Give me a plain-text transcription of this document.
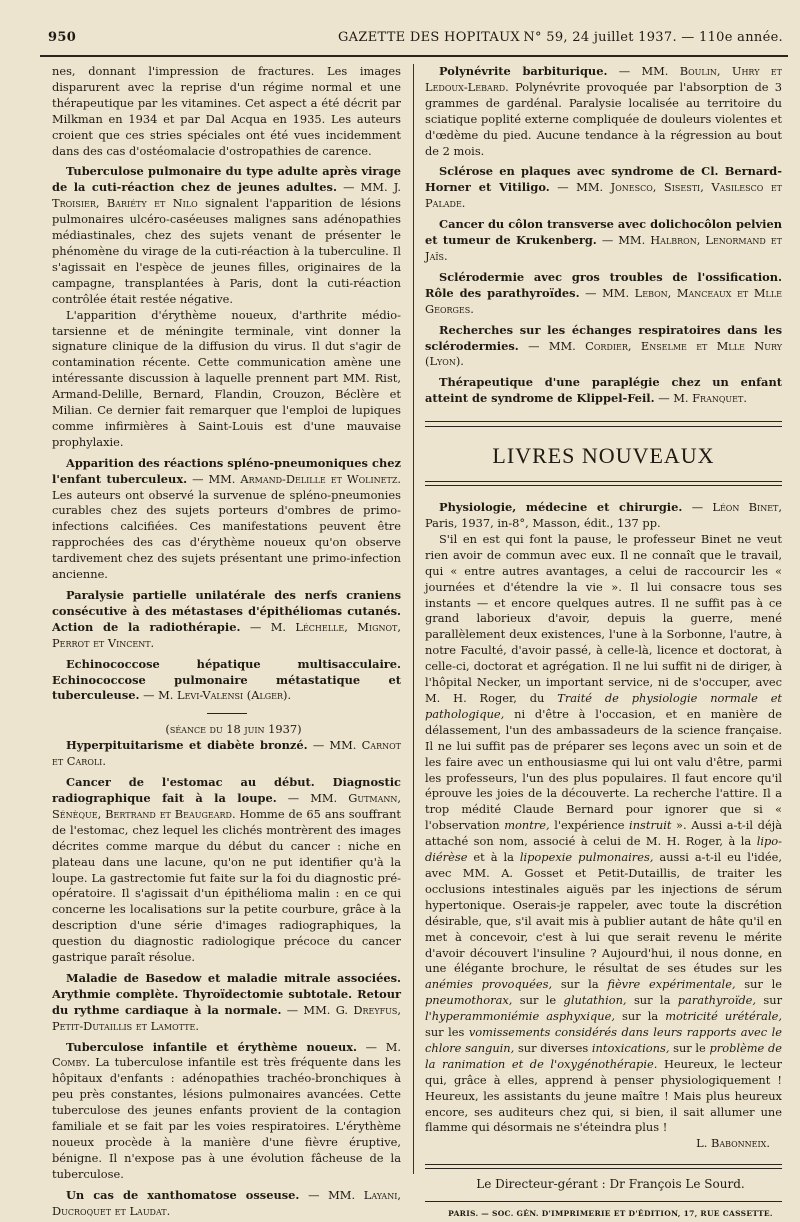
950	GAZETTE DES HOPITAUX N° 59, 24 juillet 1937. — 110e année.

nes, donnant l'impression de fractures. Les images disparurent avec la reprise d'un régime normal et une thérapeutique par les vitamines. Cet aspect a été décrit par Milkman en 1934 et par Dal Acqua en 1935. Les auteurs croient que ces stries spéciales ont été vues incidemment dans des cas d'ostéomalacie d'ostropathies de carence.

Tuberculose pulmonaire du type adulte après virage de la cuti-réaction chez de jeunes adultes. — MM. J. Troisier, Bariéty et Nilo signalent l'apparition de lésions pulmonaires ulcéro-caséeuses malignes sans adénopathies médiastinales, chez des sujets venant de présenter le phénomène du virage de la cuti-réaction à la tuberculine. Il s'agissait en l'espèce de jeunes filles, originaires de la campagne, transplantées à Paris, dont la cuti-réaction contrôlée était restée négative.

L'apparition d'érythème noueux, d'arthrite médio-tarsienne et de méningite terminale, vint donner la signature clinique de la diffusion du virus. Il dut s'agir de contamination récente. Cette communication amène une intéressante discussion à laquelle prennent part MM. Rist, Armand-Delille, Bernard, Flandin, Crouzon, Béclère et Milian. Ce dernier fait remarquer que l'emploi de lupiques comme infirmières à Saint-Louis est d'une mauvaise prophylaxie.

Apparition des réactions spléno-pneumoniques chez l'enfant tuberculeux. — MM. Armand-Delille et Wolinetz. Les auteurs ont observé la survenue de spléno-pneumonies curables chez des sujets porteurs d'ombres de primo-infections calcifiées. Ces manifestations peuvent être rapprochées des cas d'érythème noueux qu'on observe tardivement chez des sujets présentant une primo-infection ancienne.

Paralysie partielle unilatérale des nerfs craniens consécutive à des métastases d'épithéliomas cutanés. Action de la radiothérapie. — M. Léchelle, Mignot, Perrot et Vincent.

Echinococcose hépatique multisacculaire. Echinococcose pulmonaire métastatique et tuberculeuse. — M. Levi-Valensi (Alger).

(séance du 18 juin 1937)

Hyperpituitarisme et diabète bronzé. — MM. Carnot et Caroli.

Cancer de l'estomac au début. Diagnostic radiographique fait à la loupe. — MM. Gutmann, Sénèque, Bertrand et Beaugeard. Homme de 65 ans souffrant de l'estomac, chez lequel les clichés montrèrent des images décrites comme marque du début du cancer : niche en plateau dans une lacune, qu'on ne put identifier qu'à la loupe. La gastrectomie fut faite sur la foi du diagnostic pré-opératoire. Il s'agissait d'un épithélioma malin : en ce qui concerne les localisations sur la petite courbure, grâce à la description d'une série d'images radiographiques, la question du diagnostic radiologique précoce du cancer gastrique paraît résolue.

Maladie de Basedow et maladie mitrale associées. Arythmie complète. Thyroïdectomie subtotale. Retour du rythme cardiaque à la normale. — MM. G. Dreyfus, Petit-Dutaillis et Lamotte.

Tuberculose infantile et érythème noueux. — M. Comby. La tuberculose infantile est très fréquente dans les hôpitaux d'enfants : adénopathies trachéo-bronchiques à peu près constantes, lésions pulmonaires avancées. Cette tuberculose des jeunes enfants provient de la contagion familiale et se fait par les voies respiratoires. L'érythème noueux procède à la manière d'une fièvre éruptive, bénigne. Il n'expose pas à une évolution fâcheuse de la tuberculose.

Un cas de xanthomatose osseuse. — MM. Layani, Ducroquet et Laudat.

Polynévrite barbiturique. — MM. Boulin, Uhry et Ledoux-Lebard. Polynévrite provoquée par l'absorption de 3 grammes de gardénal. Paralysie localisée au territoire du sciatique poplité externe compliquée de douleurs violentes et d'œdème du pied. Aucune tendance à la régression au bout de 2 mois.

Sclérose en plaques avec syndrome de Cl. Bernard-Horner et Vitiligo. — MM. Jonesco, Sisesti, Vasilesco et Palade.

Cancer du côlon transverse avec dolichocôlon pelvien et tumeur de Krukenberg. — MM. Halbron, Lenormand et Jaïs.

Sclérodermie avec gros troubles de l'ossification. Rôle des parathyroïdes. — MM. Lebon, Manceaux et Mlle Georges.

Recherches sur les échanges respiratoires dans les sclérodermies. — MM. Cordier, Enselme et Mlle Nury (Lyon).

Thérapeutique d'une paraplégie chez un enfant atteint de syndrome de Klippel-Feil. — M. Franquet.

LIVRES NOUVEAUX

Physiologie, médecine et chirurgie. — Léon Binet, Paris, 1937, in-8°, Masson, édit., 137 pp.

S'il en est qui font la pause, le professeur Binet ne veut rien avoir de commun avec eux. Il ne connaît que le travail, qui « entre autres avantages, a celui de raccourcir les « journées et d'étendre la vie ». Il lui consacre tous ses instants — et encore quelques autres. Il ne suffit pas à ce grand laborieux d'avoir, depuis la guerre, mené parallèlement deux existences, l'une à la Sorbonne, l'autre, à notre Faculté, d'avoir passé, à celle-là, licence et doctorat, à celle-ci, doctorat et agrégation. Il ne lui suffit ni de diriger, à l'hôpital Necker, un important service, ni de s'occuper, avec M. H. Roger, du Traité de physiologie normale et pathologique, ni d'être à l'occasion, et en manière de délassement, l'un des ambassadeurs de la science française. Il ne lui suffit pas de préparer ses leçons avec un soin et de les faire avec un enthousiasme qui lui ont valu d'être, parmi les professeurs, l'un des plus populaires. Il faut encore qu'il éprouve les joies de la découverte. La recherche l'attire. Il a trop médité Claude Bernard pour ignorer que si « l'observation montre, l'expérience instruit ». Aussi a-t-il déjà attaché son nom, associé à celui de M. H. Roger, à la lipo-diérèse et à la lipopexie pulmonaires, aussi a-t-il eu l'idée, avec MM. A. Gosset et Petit-Dutaillis, de traiter les occlusions intestinales aiguës par les injections de sérum hypertonique. Oserais-je rappeler, avec toute la discrétion désirable, que, s'il avait mis à publier autant de hâte qu'il en met à concevoir, c'est à lui que serait revenu le mérite d'avoir découvert l'insuline ? Aujourd'hui, il nous donne, en une élégante brochure, le résultat de ses études sur les anémies provoquées, sur la fièvre expérimentale, sur le pneumothorax, sur le glutathion, sur la parathyroïde, sur l'hyperammoniémie asphyxique, sur la motricité urétérale, sur les vomissements considérés dans leurs rapports avec le chlore sanguin, sur diverses intoxications, sur le problème de la ranimation et de l'oxygénothérapie. Heureux, le lecteur qui, grâce à elles, apprend à penser physiologiquement ! Heureux, les assistants du jeune maître ! Mais plus heureux encore, ses auditeurs chez qui, si bien, il sait allumer une flamme qui désormais ne s'éteindra plus !

L. Babonneix.

Le Directeur-gérant : Dr François Le Sourd.

PARIS. — SOC. GÉN. D'IMPRIMERIE ET D'ÉDITION, 17, RUE CASSETTE.
